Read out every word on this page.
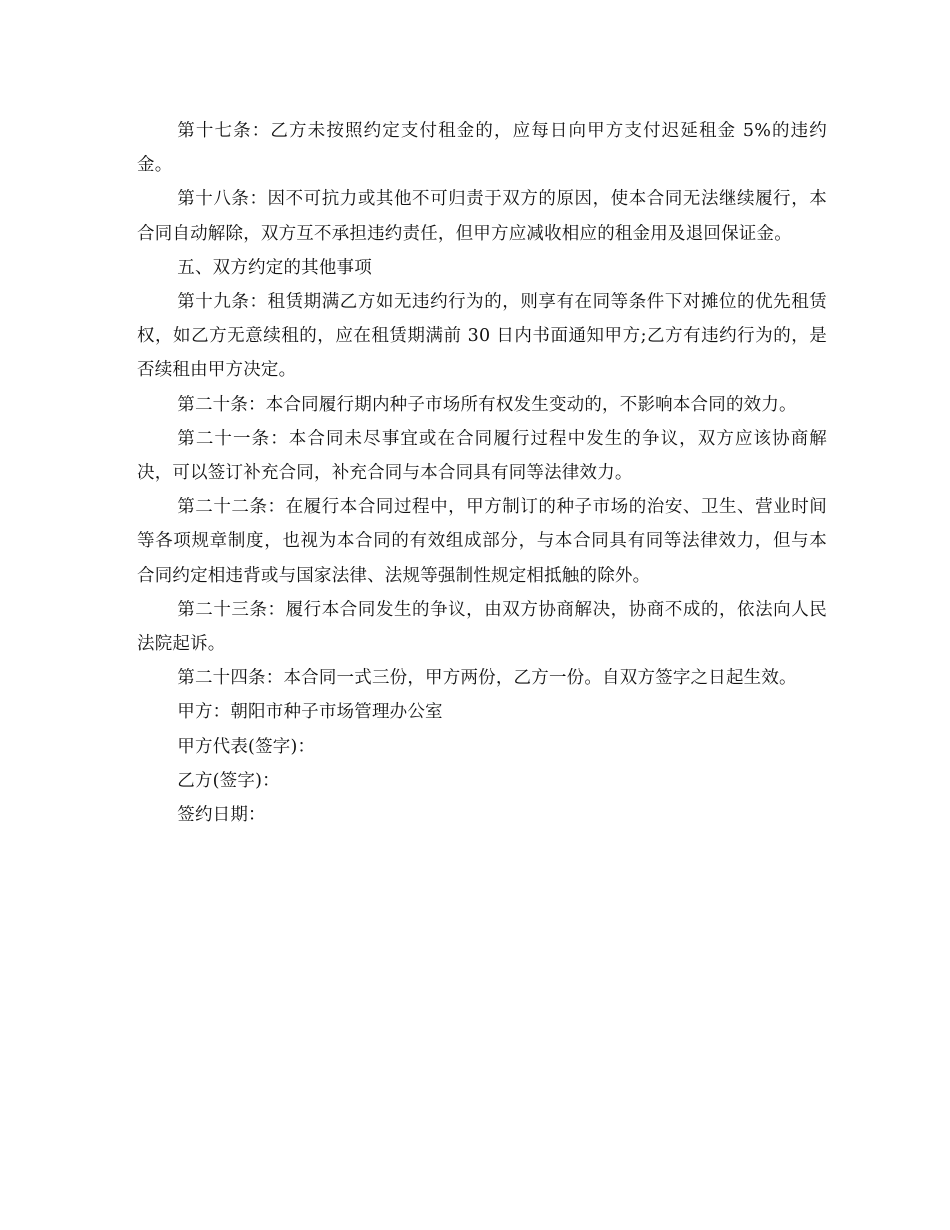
第十七条：乙方未按照约定支付租金的，应每日向甲方支付迟延租金 5%的违约金。

第十八条：因不可抗力或其他不可归责于双方的原因，使本合同无法继续履行，本合同自动解除，双方互不承担违约责任，但甲方应减收相应的租金用及退回保证金。

五、双方约定的其他事项

第十九条：租赁期满乙方如无违约行为的，则享有在同等条件下对摊位的优先租赁权，如乙方无意续租的，应在租赁期满前 30 日内书面通知甲方;乙方有违约行为的，是否续租由甲方决定。

第二十条：本合同履行期内种子市场所有权发生变动的，不影响本合同的效力。

第二十一条：本合同未尽事宜或在合同履行过程中发生的争议，双方应该协商解决，可以签订补充合同，补充合同与本合同具有同等法律效力。

第二十二条：在履行本合同过程中，甲方制订的种子市场的治安、卫生、营业时间等各项规章制度，也视为本合同的有效组成部分，与本合同具有同等法律效力，但与本合同约定相违背或与国家法律、法规等强制性规定相抵触的除外。

第二十三条：履行本合同发生的争议，由双方协商解决，协商不成的，依法向人民法院起诉。

第二十四条：本合同一式三份，甲方两份，乙方一份。自双方签字之日起生效。

甲方：朝阳市种子市场管理办公室

甲方代表(签字)：

乙方(签字)：

签约日期：
